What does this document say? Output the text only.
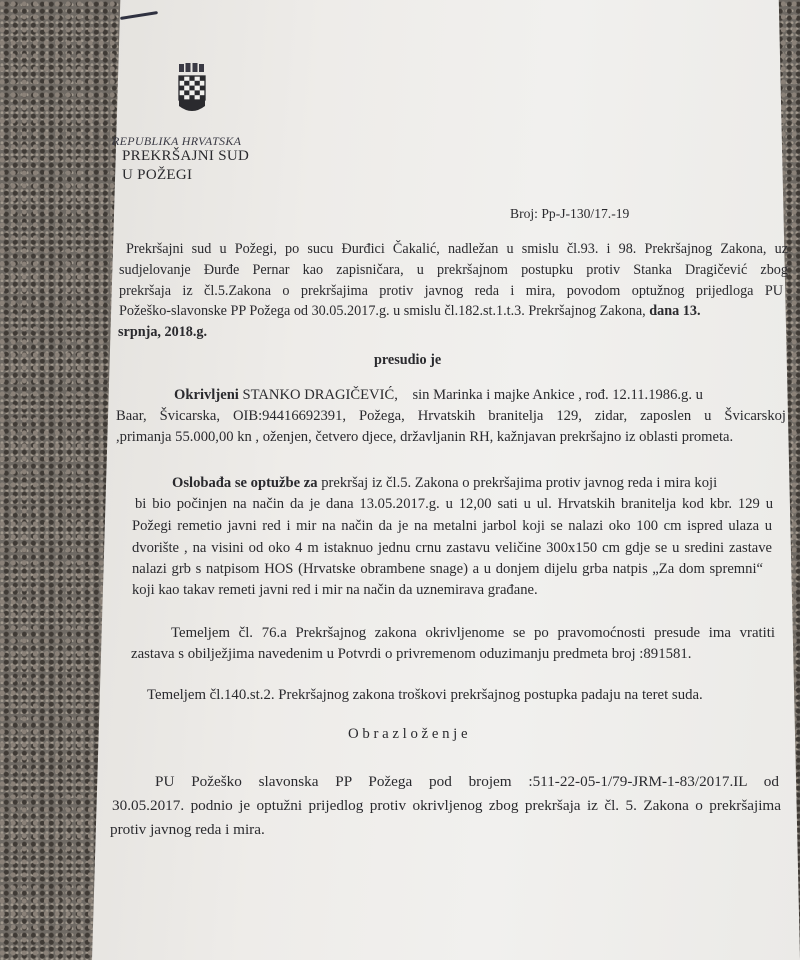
REPUBLIKA HRVATSKA
PREKRŠAJNI SUD
U POŽEGI
Broj: Pp-J-130/17.-19
Prekršajni sud u Požegi, po sucu Đurđici Čakalić, nadležan u smislu čl.93. i 98. Prekršajnog Zakona, uz
sudjelovanje Đurđe Pernar kao zapisničara, u prekršajnom postupku protiv Stanka Dragičević zbog
prekršaja iz čl.5.Zakona o prekršajima protiv javnog reda i mira, povodom optužnog prijedloga PU
Požeško-slavonske PP Požega od 30.05.2017.g. u smislu čl.182.st.1.t.3. Prekršajnog Zakona, dana 13.
srpnja, 2018.g.
presudio je
Okrivljeni STANKO DRAGIČEVIĆ, sin Marinka i majke Ankice , rođ. 12.11.1986.g. u
Baar, Švicarska, OIB:94416692391, Požega, Hrvatskih branitelja 129, zidar, zaposlen u Švicarskoj
,primanja 55.000,00 kn , oženjen, četvero djece, državljanin RH, kažnjavan prekršajno iz oblasti prometa.
Oslobađa se optužbe za prekršaj iz čl.5. Zakona o prekršajima protiv javnog reda i mira koji
bi bio počinjen na način da je dana 13.05.2017.g. u 12,00 sati u ul. Hrvatskih branitelja kod kbr. 129 u
Požegi remetio javni red i mir na način da je na metalni jarbol koji se nalazi oko 100 cm ispred ulaza u
dvorište , na visini od oko 4 m istaknuo jednu crnu zastavu veličine 300x150 cm gdje se u sredini zastave
nalazi grb s natpisom HOS (Hrvatske obrambene snage) a u donjem dijelu grba natpis „Za dom spremni“
koji kao takav remeti javni red i mir na način da uznemirava građane.
Temeljem čl. 76.a Prekršajnog zakona okrivljenome se po pravomoćnosti presude ima vratiti
zastava s obilježjima navedenim u Potvrdi o privremenom oduzimanju predmeta broj :891581.
Temeljem čl.140.st.2. Prekršajnog zakona troškovi prekršajnog postupka padaju na teret suda.
O b r a z l o ž e n j e
PU Požeško slavonska PP Požega pod brojem :511-22-05-1/79-JRM-1-83/2017.IL od
30.05.2017. podnio je optužni prijedlog protiv okrivljenog zbog prekršaja iz čl. 5. Zakona o prekršajima
protiv javnog reda i mira.
